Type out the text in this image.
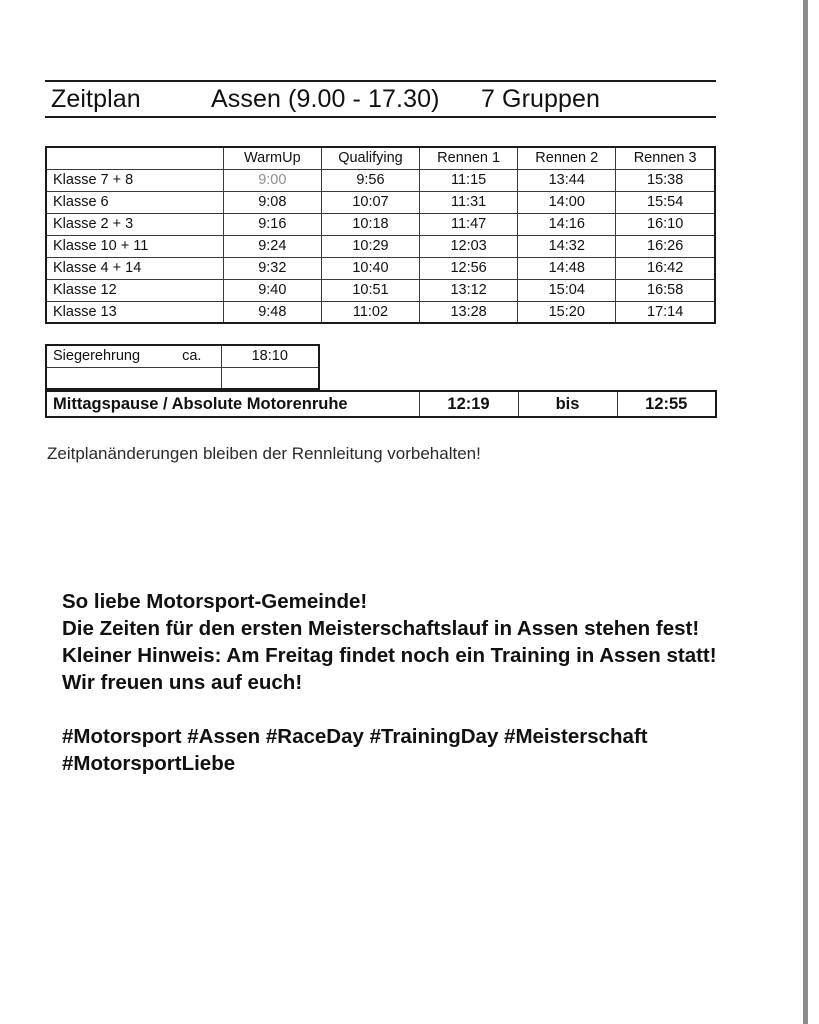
Zeitplan	Assen (9.00 - 17.30)	7 Gruppen
	WarmUp	Qualifying	Rennen 1	Rennen 2	Rennen 3
Klasse 7 + 8	9:00	9:56	11:15	13:44	15:38
Klasse 6	9:08	10:07	11:31	14:00	15:54
Klasse 2 + 3	9:16	10:18	11:47	14:16	16:10
Klasse 10 + 11	9:24	10:29	12:03	14:32	16:26
Klasse 4 + 14	9:32	10:40	12:56	14:48	16:42
Klasse 12	9:40	10:51	13:12	15:04	16:58
Klasse 13	9:48	11:02	13:28	15:20	17:14
Siegerehrung ca.	18:10

Mittagspause / Absolute Motorenruhe	12:19	bis	12:55
Zeitplanänderungen bleiben der Rennleitung vorbehalten!

So liebe Motorsport-Gemeinde!

Die Zeiten für den ersten Meisterschaftslauf in Assen stehen fest!

Kleiner Hinweis: Am Freitag findet noch ein Training in Assen statt!

Wir freuen uns auf euch!

#Motorsport #Assen #RaceDay #TrainingDay #Meisterschaft #MotorsportLiebe
